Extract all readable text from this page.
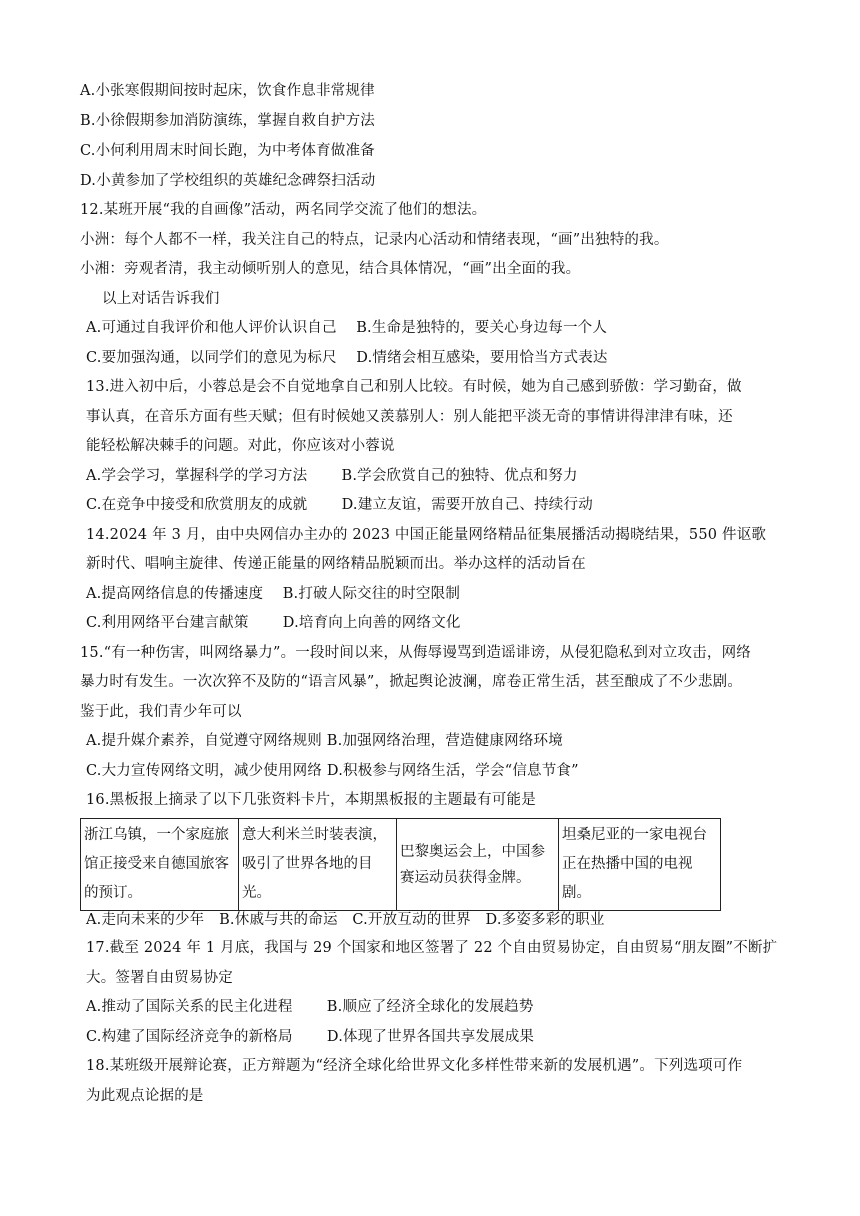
A.小张寒假期间按时起床，饮食作息非常规律
B.小徐假期参加消防演练，掌握自救自护方法
C.小何利用周末时间长跑，为中考体育做准备
D.小黄参加了学校组织的英雄纪念碑祭扫活动
12.某班开展“我的自画像”活动，两名同学交流了他们的想法。
小洲：每个人都不一样，我关注自己的特点，记录内心活动和情绪表现，“画”出独特的我。
小湘：旁观者清，我主动倾听别人的意见，结合具体情况，“画”出全面的我。
以上对话告诉我们
A.可通过自我评价和他人评价认识自己　 B.生命是独特的，要关心身边每一个人
C.要加强沟通，以同学们的意见为标尺　 D.情绪会相互感染，要用恰当方式表达
13.进入初中后，小蓉总是会不自觉地拿自己和别人比较。有时候，她为自己感到骄傲：学习勤奋，做
事认真，在音乐方面有些天赋；但有时候她又羡慕别人：别人能把平淡无奇的事情讲得津津有味，还
能轻松解决棘手的问题。对此，你应该对小蓉说
A.学会学习，掌握科学的学习方法　　 B.学会欣赏自己的独特、优点和努力
C.在竞争中接受和欣赏朋友的成就　　 D.建立友谊，需要开放自己、持续行动
14.2024 年 3 月，由中央网信办主办的 2023 中国正能量网络精品征集展播活动揭晓结果，550 件讴歌
新时代、唱响主旋律、传递正能量的网络精品脱颖而出。举办这样的活动旨在
A.提高网络信息的传播速度　 B.打破人际交往的时空限制
C.利用网络平台建言献策　　 D.培育向上向善的网络文化
15.“有一种伤害，叫网络暴力”。一段时间以来，从侮辱谩骂到造谣诽谤，从侵犯隐私到对立攻击，网络
暴力时有发生。一次次猝不及防的“语言风暴”，掀起舆论波澜，席卷正常生活，甚至酿成了不少悲剧。
鉴于此，我们青少年可以
A.提升媒介素养，自觉遵守网络规则 B.加强网络治理，营造健康网络环境
C.大力宣传网络文明，减少使用网络 D.积极参与网络生活，学会“信息节食”
16.黑板报上摘录了以下几张资料卡片，本期黑板报的主题最有可能是
浙江乌镇，一个家庭旅馆正接受来自德国旅客的预订。	意大利米兰时装表演，吸引了世界各地的目光。	巴黎奥运会上，中国参赛运动员获得金牌。	坦桑尼亚的一家电视台正在热播中国的电视剧。
A.走向未来的少年　B.休戚与共的命运　C.开放互动的世界　D.多姿多彩的职业
17.截至 2024 年 1 月底，我国与 29 个国家和地区签署了 22 个自由贸易协定，自由贸易“朋友圈”不断扩
大。签署自由贸易协定
A.推动了国际关系的民主化进程　　 B.顺应了经济全球化的发展趋势
C.构建了国际经济竞争的新格局　　 D.体现了世界各国共享发展成果
18.某班级开展辩论赛，正方辩题为“经济全球化给世界文化多样性带来新的发展机遇”。下列选项可作
为此观点论据的是
